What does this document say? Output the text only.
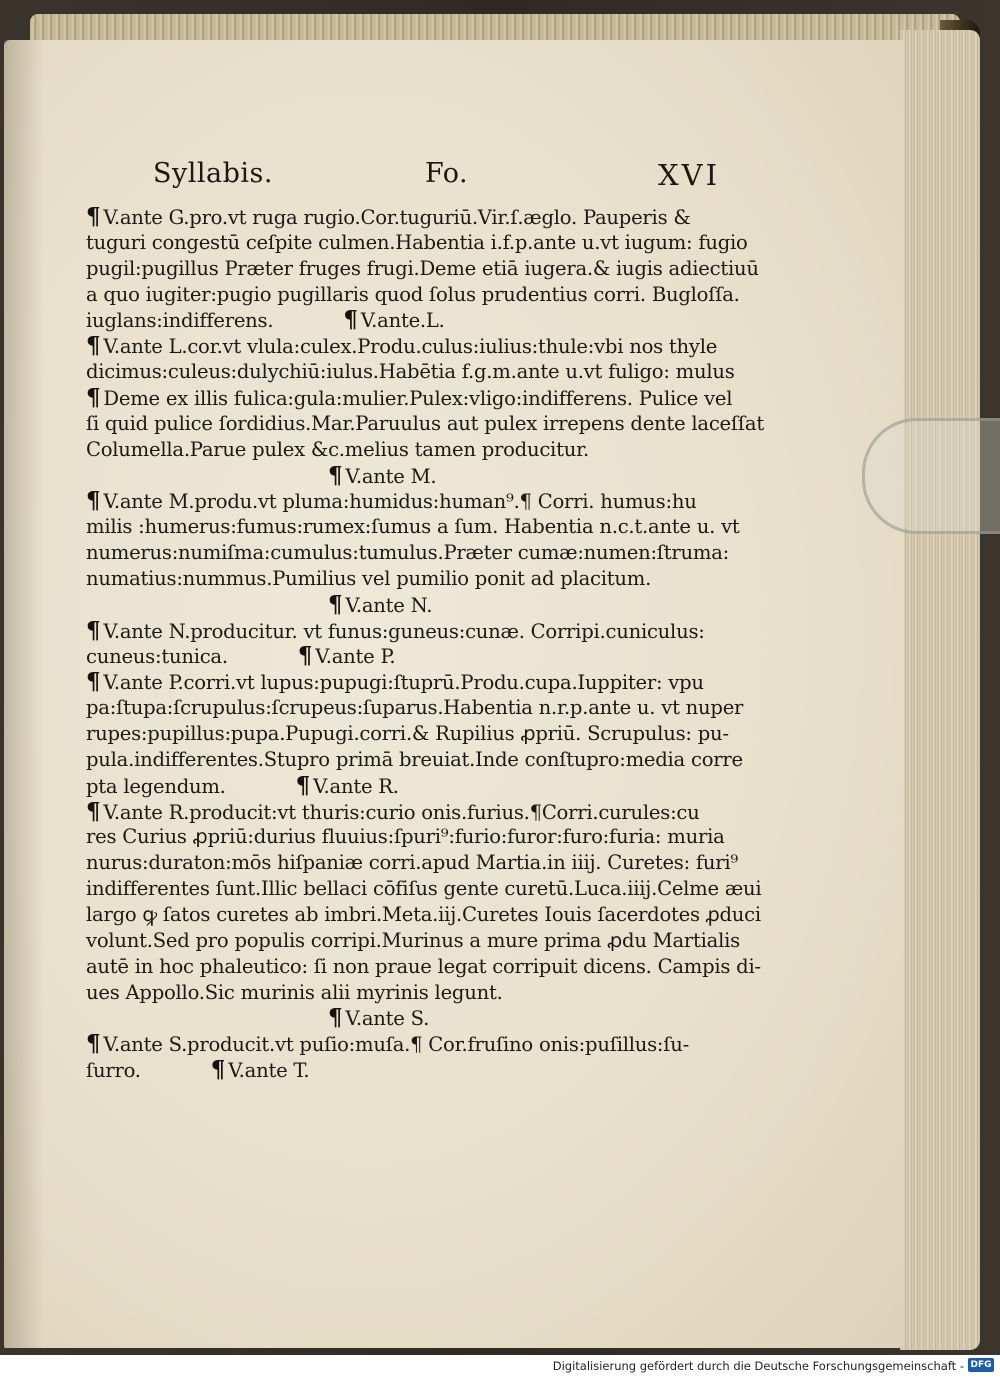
Syllabis.	Fo.	XVI
¶ V.ante G.pro.vt ruga rugio.Cor.tuguriū.Vir.ſ.æglo. Pauperis &
tuguri congestū ceſpite culmen.Habentia i.f.p.ante u.vt iugum: fugio
pugil:pugillus Præter fruges frugi.Deme etiā iugera.& iugis adiectiuū
a quo iugiter:pugio pugillaris quod ſolus prudentius corri. Bugloſſa.
iuglans:indifferens.	¶ V.ante.L.
¶ V.ante L.cor.vt vlula:culex.Produ.culus:iulius:thule:vbi nos thyle
dicimus:culeus:dulychiū:iulus.Habētia f.g.m.ante u.vt fuligo: mulus
¶ Deme ex illis fulica:gula:mulier.Pulex:vligo:indifferens. Pulice vel
ſi quid pulice ſordidius.Mar.Paruulus aut pulex irrepens dente laceſſat
Columella.Parue pulex &c.melius tamen producitur.
¶ V.ante M.
¶ V.ante M.produ.vt pluma:humidus:human⁹.¶ Corri. humus:hu
milis :humerus:fumus:rumex:ſumus a ſum. Habentia n.c.t.ante u. vt
numerus:numiſma:cumulus:tumulus.Præter cumæ:numen:ſtruma:
numatius:nummus.Pumilius vel pumilio ponit ad placitum.
¶ V.ante N.
¶ V.ante N.producitur. vt funus:guneus:cunæ. Corripi.cuniculus:
cuneus:tunica.	¶ V.ante P.
¶ V.ante P.corri.vt lupus:pupugi:ſtuprū.Produ.cupa.Iuppiter: vpu
pa:ſtupa:ſcrupulus:ſcrupeus:ſuparus.Habentia n.r.p.ante u. vt nuper
rupes:pupillus:pupa.Pupugi.corri.& Rupilius ꝓpriū. Scrupulus: pu-
pula.indifferentes.Stupro primā breuiat.Inde conſtupro:media corre
pta legendum.	¶ V.ante R.
¶ V.ante R.producit:vt thuris:curio onis.furius.¶Corri.curules:cu
res Curius ꝓpriū:durius fluuius:ſpuri⁹:furio:furor:furo:furia: muria
nurus:duraton:mōs hiſpaniæ corri.apud Martia.in iiij. Curetes: furi⁹
indifferentes ſunt.Illic bellaci cōfiſus gente curetū.Luca.iiij.Celme æui
largo ꝙ ſatos curetes ab imbri.Meta.iij.Curetes Iouis ſacerdotes ꝓduci
volunt.Sed pro populis corripi.Murinus a mure prima ꝓdu Martialis
autē in hoc phaleutico: ſi non praue legat corripuit dicens. Campis di-
ues Appollo.Sic murinis alii myrinis legunt.
¶ V.ante S.
¶ V.ante S.producit.vt puſio:muſa.¶ Cor.fruſino onis:puſillus:ſu-
ſurro.	¶ V.ante T.
Digitalisierung gefördert durch die Deutsche Forschungsgemeinschaft - DFG
